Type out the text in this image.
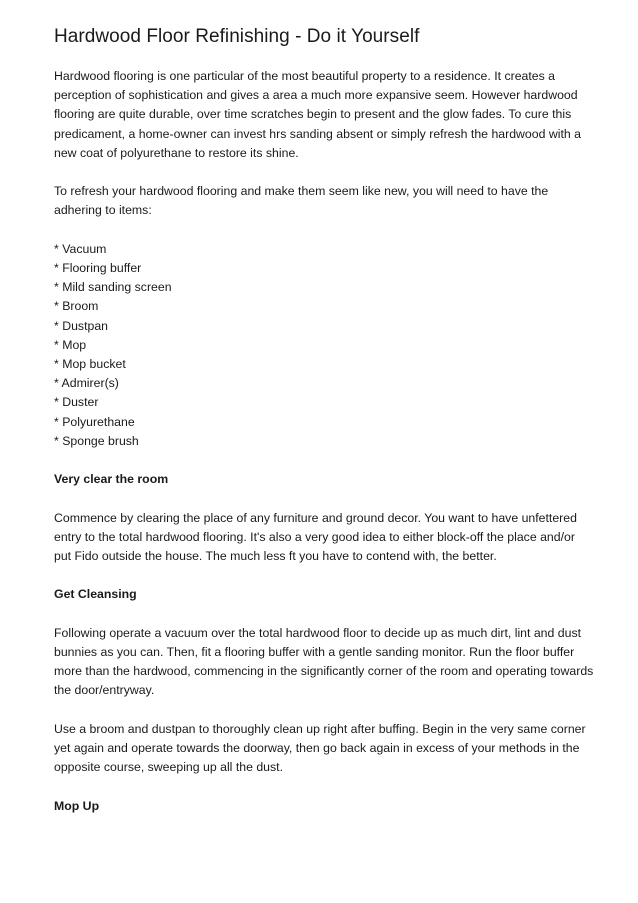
Hardwood Floor Refinishing - Do it Yourself

Hardwood flooring is one particular of the most beautiful property to a residence. It creates a perception of sophistication and gives a area a much more expansive seem. However hardwood flooring are quite durable, over time scratches begin to present and the glow fades. To cure this predicament, a home-owner can invest hrs sanding absent or simply refresh the hardwood with a new coat of polyurethane to restore its shine.

To refresh your hardwood flooring and make them seem like new, you will need to have the adhering to items:

* Vacuum
* Flooring buffer
* Mild sanding screen
* Broom
* Dustpan
* Mop
* Mop bucket
* Admirer(s)
* Duster
* Polyurethane
* Sponge brush

Very clear the room

Commence by clearing the place of any furniture and ground decor. You want to have unfettered entry to the total hardwood flooring. It's also a very good idea to either block-off the place and/or put Fido outside the house. The much less ft you have to contend with, the better.

Get Cleansing

Following operate a vacuum over the total hardwood floor to decide up as much dirt, lint and dust bunnies as you can. Then, fit a flooring buffer with a gentle sanding monitor. Run the floor buffer more than the hardwood, commencing in the significantly corner of the room and operating towards the door/entryway.

Use a broom and dustpan to thoroughly clean up right after buffing. Begin in the very same corner yet again and operate towards the doorway, then go back again in excess of your methods in the opposite course, sweeping up all the dust.

Mop Up
